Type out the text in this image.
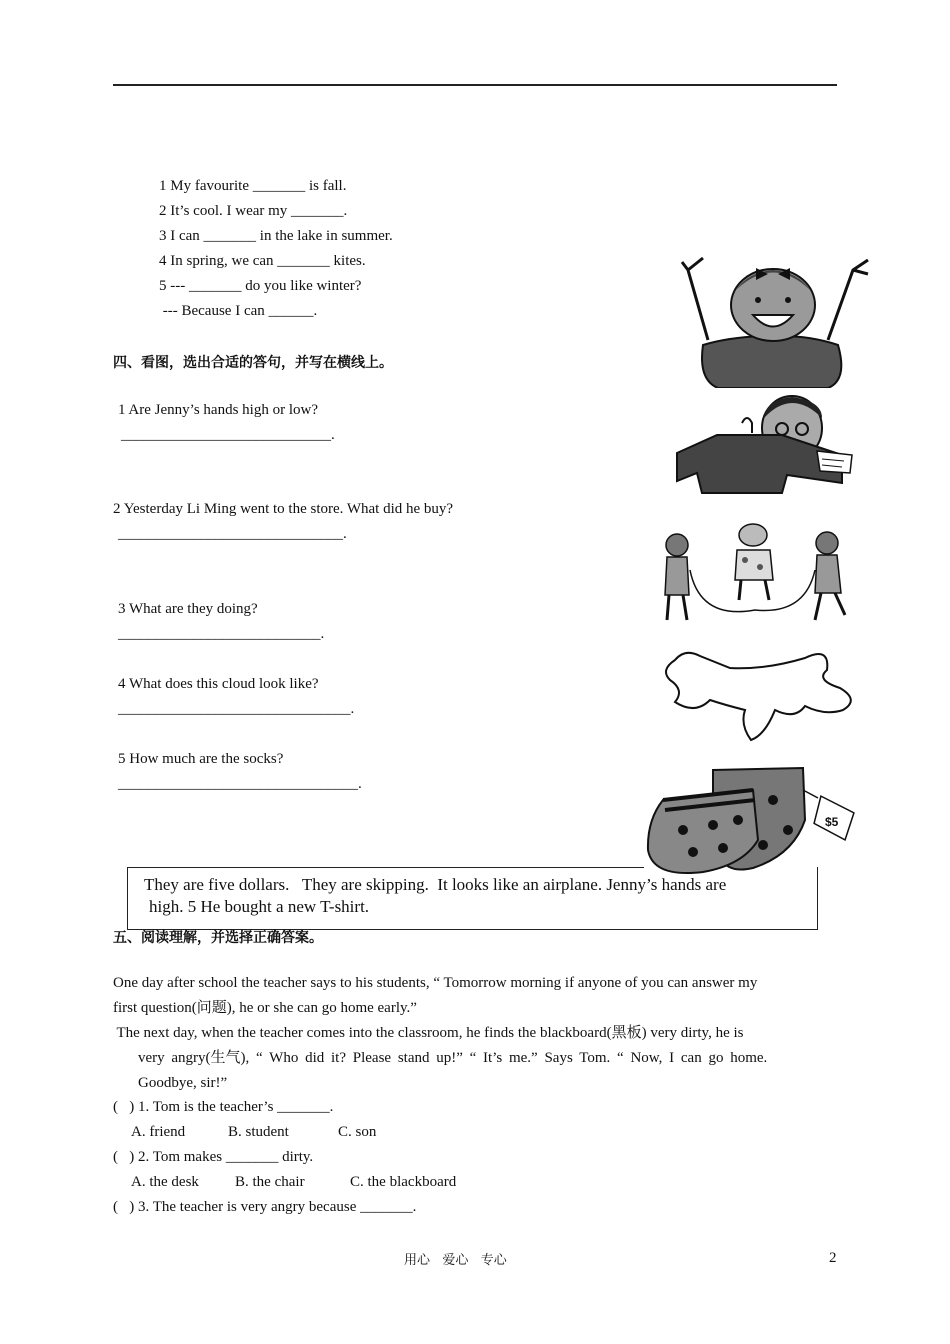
1 My favourite _______ is fall.
2 It’s cool. I wear my _______.
3 I can _______ in the lake in summer.
4 In spring, we can _______ kites.
5 --- _______ do you like winter?
--- Because I can ______.
四、看图，选出合适的答句，并写在横线上。
1 Are Jenny’s hands high or low?
____________________________.
2 Yesterday Li Ming went to the store. What did he buy?
______________________________.
3 What are they doing?
___________________________.
4 What does this cloud look like?
_______________________________.
5 How much are the socks?
________________________________.
$5
They are five dollars.   They are skipping.  It looks like an airplane. Jenny’s hands are
high. 5 He bought a new T-shirt.
五、阅读理解，并选择正确答案。
One day after school the teacher says to his students, “ Tomorrow morning if anyone of you can answer my
first question(问题), he or she can go home early.”
The next day, when the teacher comes into the classroom, he finds the blackboard(黑板) very dirty, he is
very angry(生气), “ Who did it? Please stand up!” “ It’s me.” Says Tom. “ Now, I can go home.
Goodbye, sir!”
(   ) 1. Tom is the teacher’s _______.
A. friend	B. student	C. son
(   ) 2. Tom makes _______ dirty.
A. the desk B. the chair	C. the blackboard
(   ) 3. The teacher is very angry because _______.
用心   爱心   专心	2
